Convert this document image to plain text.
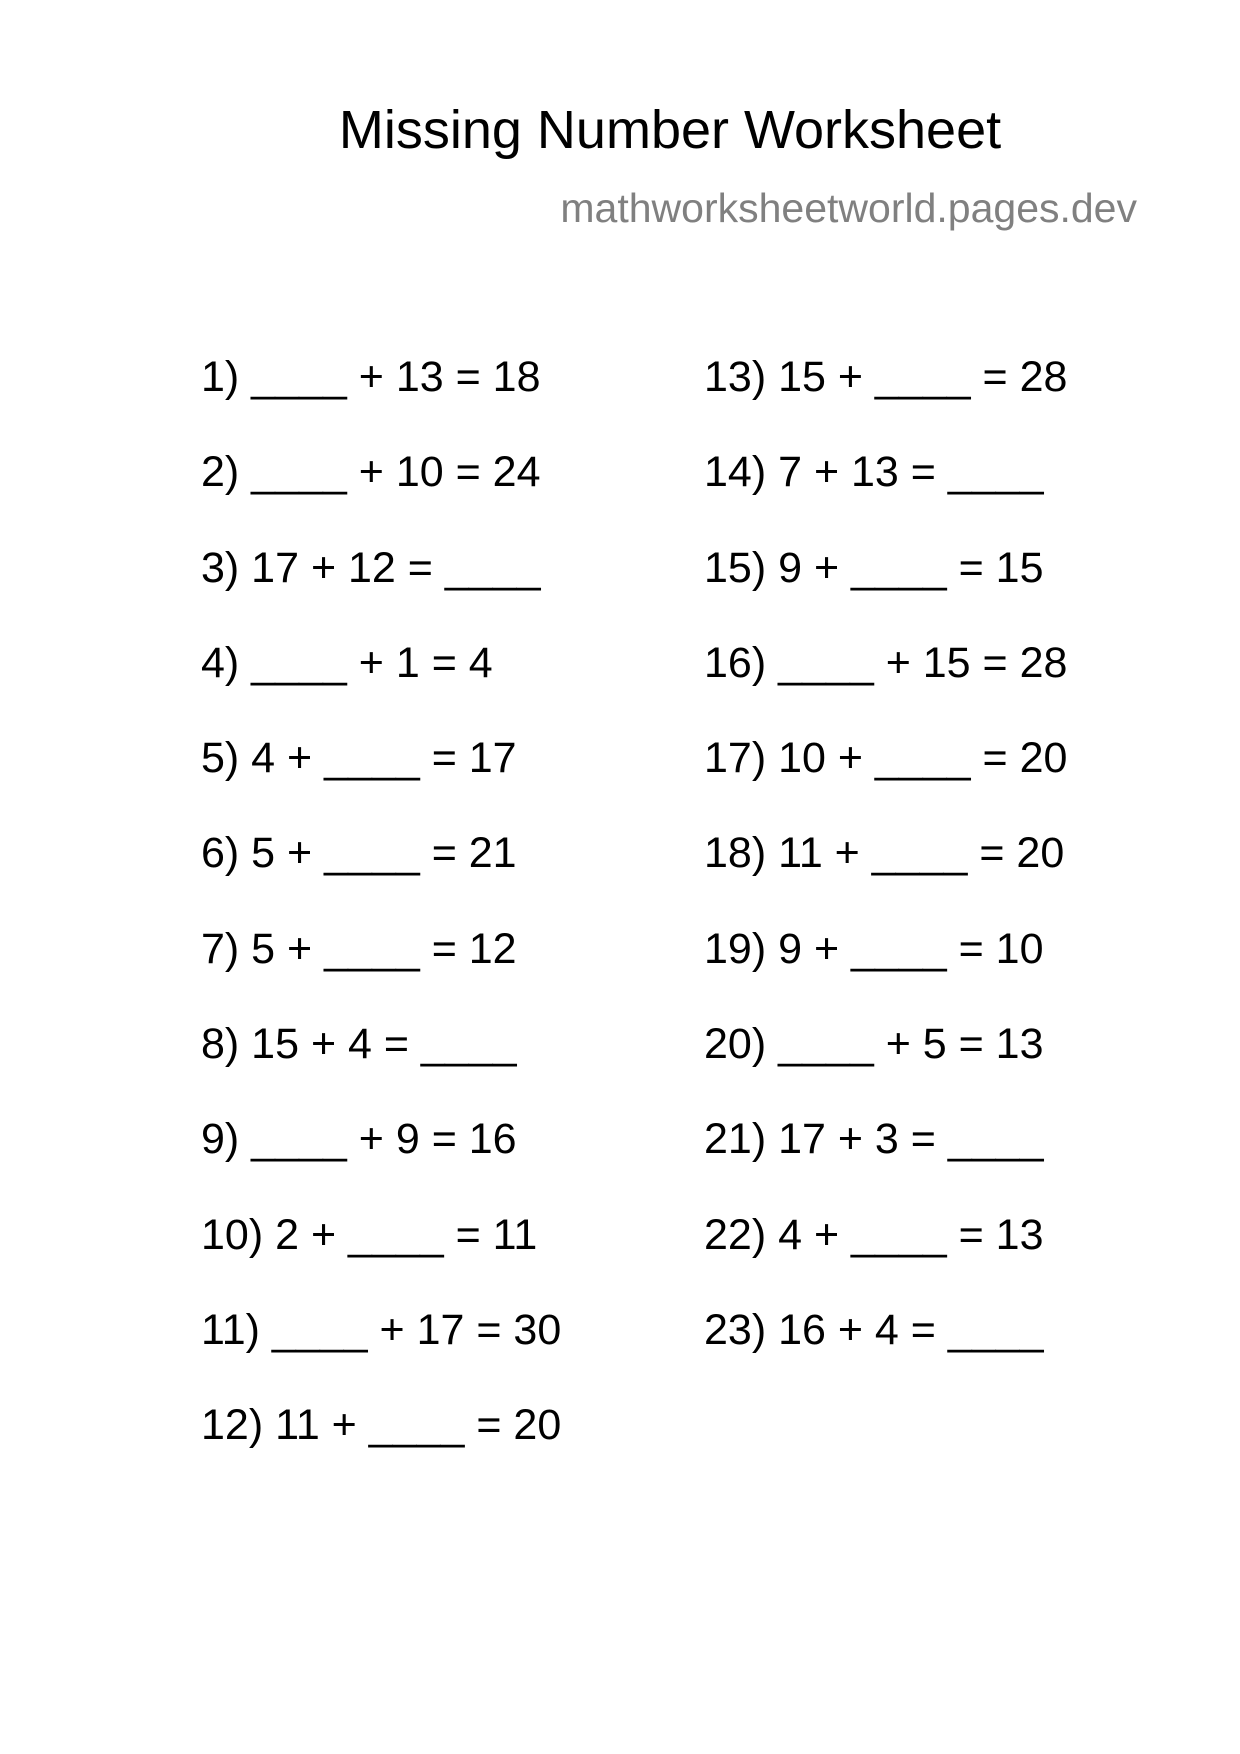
Missing Number Worksheet
mathworksheetworld.pages.dev
1) ____ + 13 = 18
2) ____ + 10 = 24
3) 17 + 12 = ____
4) ____ + 1 = 4
5) 4 + ____ = 17
6) 5 + ____ = 21
7) 5 + ____ = 12
8) 15 + 4 = ____
9) ____ + 9 = 16
10) 2 + ____ = 11
11) ____ + 17 = 30
12) 11 + ____ = 20
13) 15 + ____ = 28
14) 7 + 13 = ____
15) 9 + ____ = 15
16) ____ + 15 = 28
17) 10 + ____ = 20
18) 11 + ____ = 20
19) 9 + ____ = 10
20) ____ + 5 = 13
21) 17 + 3 = ____
22) 4 + ____ = 13
23) 16 + 4 = ____
